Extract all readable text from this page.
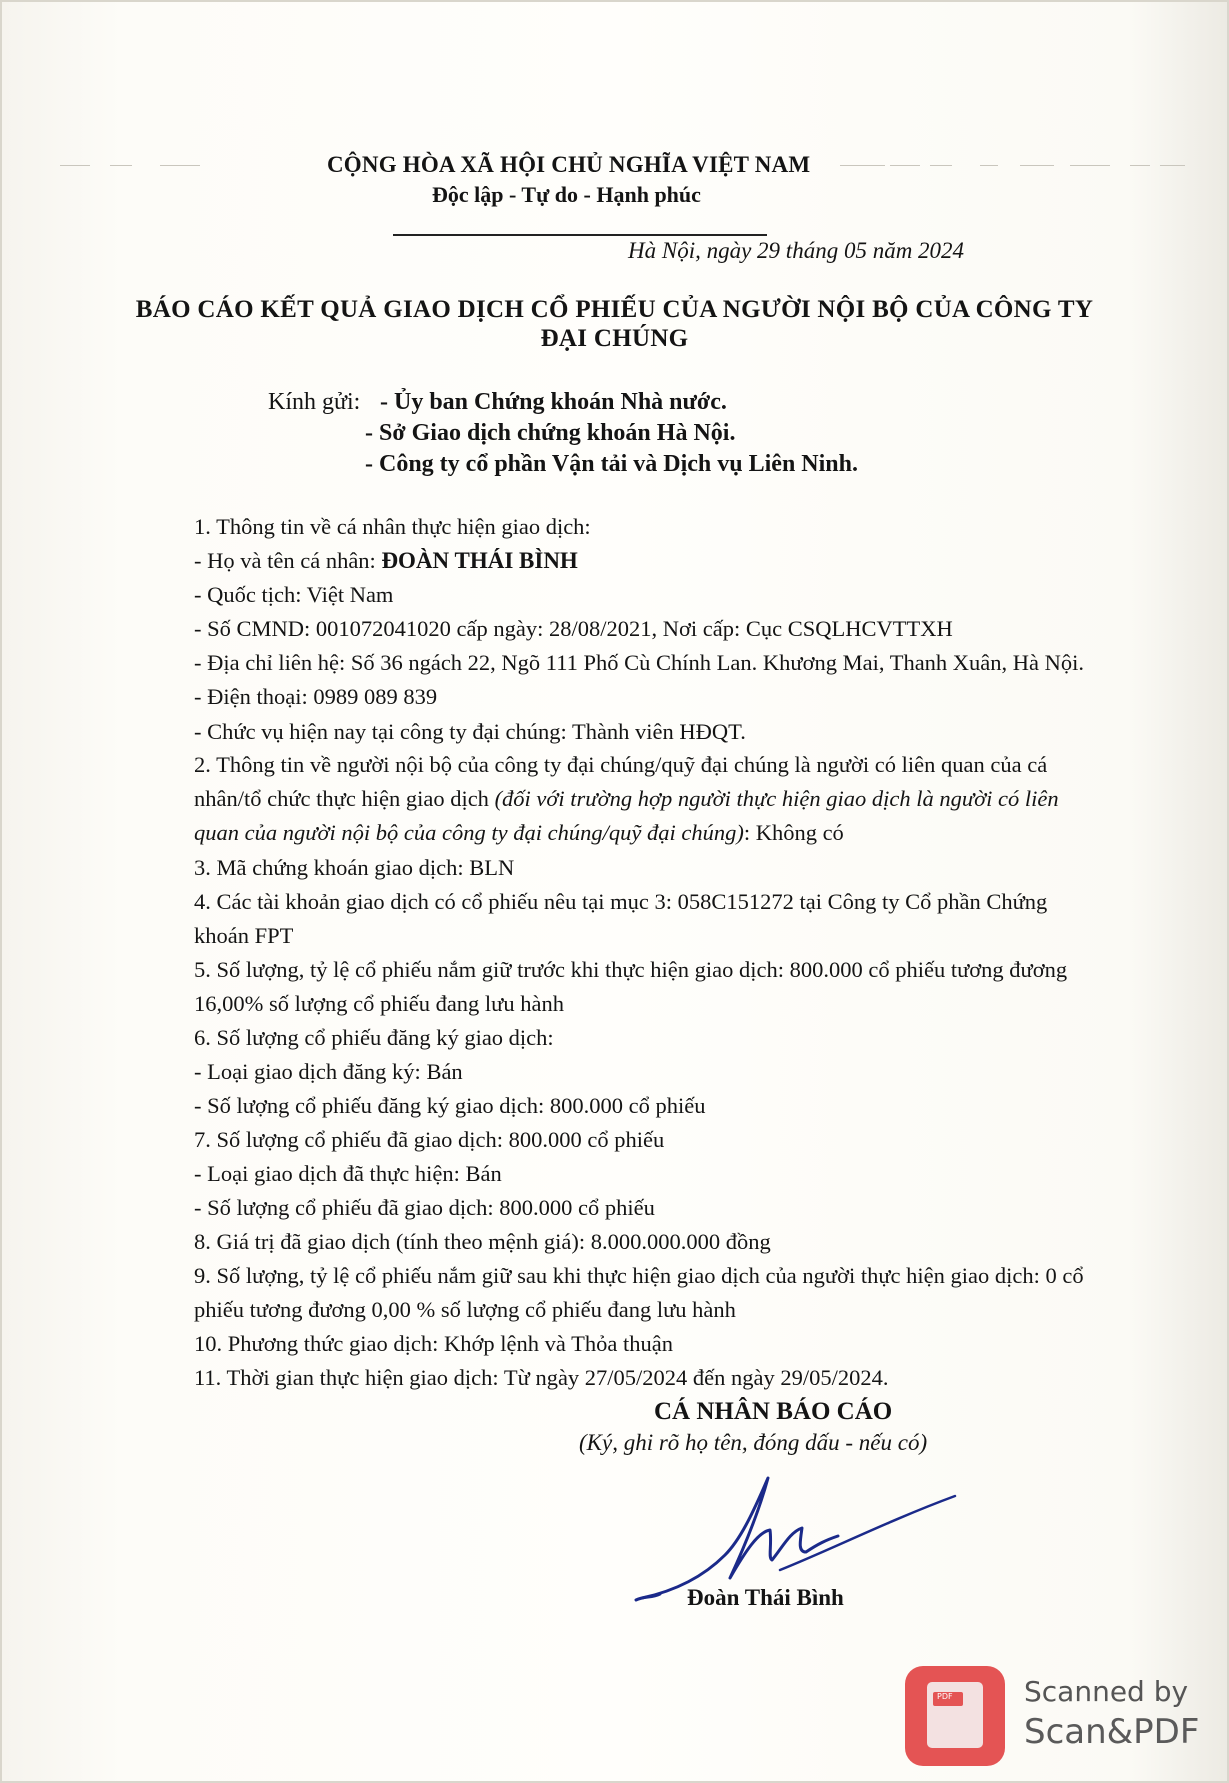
CỘNG HÒA XÃ HỘI CHỦ NGHĨA VIỆT NAM
Độc lập - Tự do - Hạnh phúc
Hà Nội, ngày 29 tháng 05 năm 2024
BÁO CÁO KẾT QUẢ GIAO DỊCH CỔ PHIẾU CỦA NGƯỜI NỘI BỘ CỦA CÔNG TY
ĐẠI CHÚNG
Kính gửi: - Ủy ban Chứng khoán Nhà nước.
- Sở Giao dịch chứng khoán Hà Nội.
- Công ty cổ phần Vận tải và Dịch vụ Liên Ninh.
1. Thông tin về cá nhân thực hiện giao dịch:
- Họ và tên cá nhân: ĐOÀN THÁI BÌNH
- Quốc tịch: Việt Nam
- Số CMND: 001072041020 cấp ngày: 28/08/2021, Nơi cấp: Cục CSQLHCVTTXH
- Địa chỉ liên hệ: Số 36 ngách 22, Ngõ 111 Phố Cù Chính Lan. Khương Mai, Thanh Xuân, Hà Nội.
- Điện thoại: 0989 089 839
- Chức vụ hiện nay tại công ty đại chúng: Thành viên HĐQT.
2. Thông tin về người nội bộ của công ty đại chúng/quỹ đại chúng là người có liên quan của cá
nhân/tổ chức thực hiện giao dịch (đối với trường hợp người thực hiện giao dịch là người có liên
quan của người nội bộ của công ty đại chúng/quỹ đại chúng): Không có
3. Mã chứng khoán giao dịch: BLN
4. Các tài khoản giao dịch có cổ phiếu nêu tại mục 3: 058C151272 tại Công ty Cổ phần Chứng
khoán FPT
5. Số lượng, tỷ lệ cổ phiếu nắm giữ trước khi thực hiện giao dịch: 800.000 cổ phiếu tương đương
16,00% số lượng cổ phiếu đang lưu hành
6. Số lượng cổ phiếu đăng ký giao dịch:
- Loại giao dịch đăng ký: Bán
- Số lượng cổ phiếu đăng ký giao dịch: 800.000 cổ phiếu
7. Số lượng cổ phiếu đã giao dịch: 800.000 cổ phiếu
- Loại giao dịch đã thực hiện: Bán
- Số lượng cổ phiếu đã giao dịch: 800.000 cổ phiếu
8. Giá trị đã giao dịch (tính theo mệnh giá): 8.000.000.000 đồng
9. Số lượng, tỷ lệ cổ phiếu nắm giữ sau khi thực hiện giao dịch của người thực hiện giao dịch: 0 cổ
phiếu tương đương 0,00 % số lượng cổ phiếu đang lưu hành
10. Phương thức giao dịch: Khớp lệnh và Thỏa thuận
11. Thời gian thực hiện giao dịch: Từ ngày 27/05/2024 đến ngày 29/05/2024.
CÁ NHÂN BÁO CÁO
(Ký, ghi rõ họ tên, đóng dấu - nếu có)
Đoàn Thái Bình
PDF	Scanned by
Scan&PDF
